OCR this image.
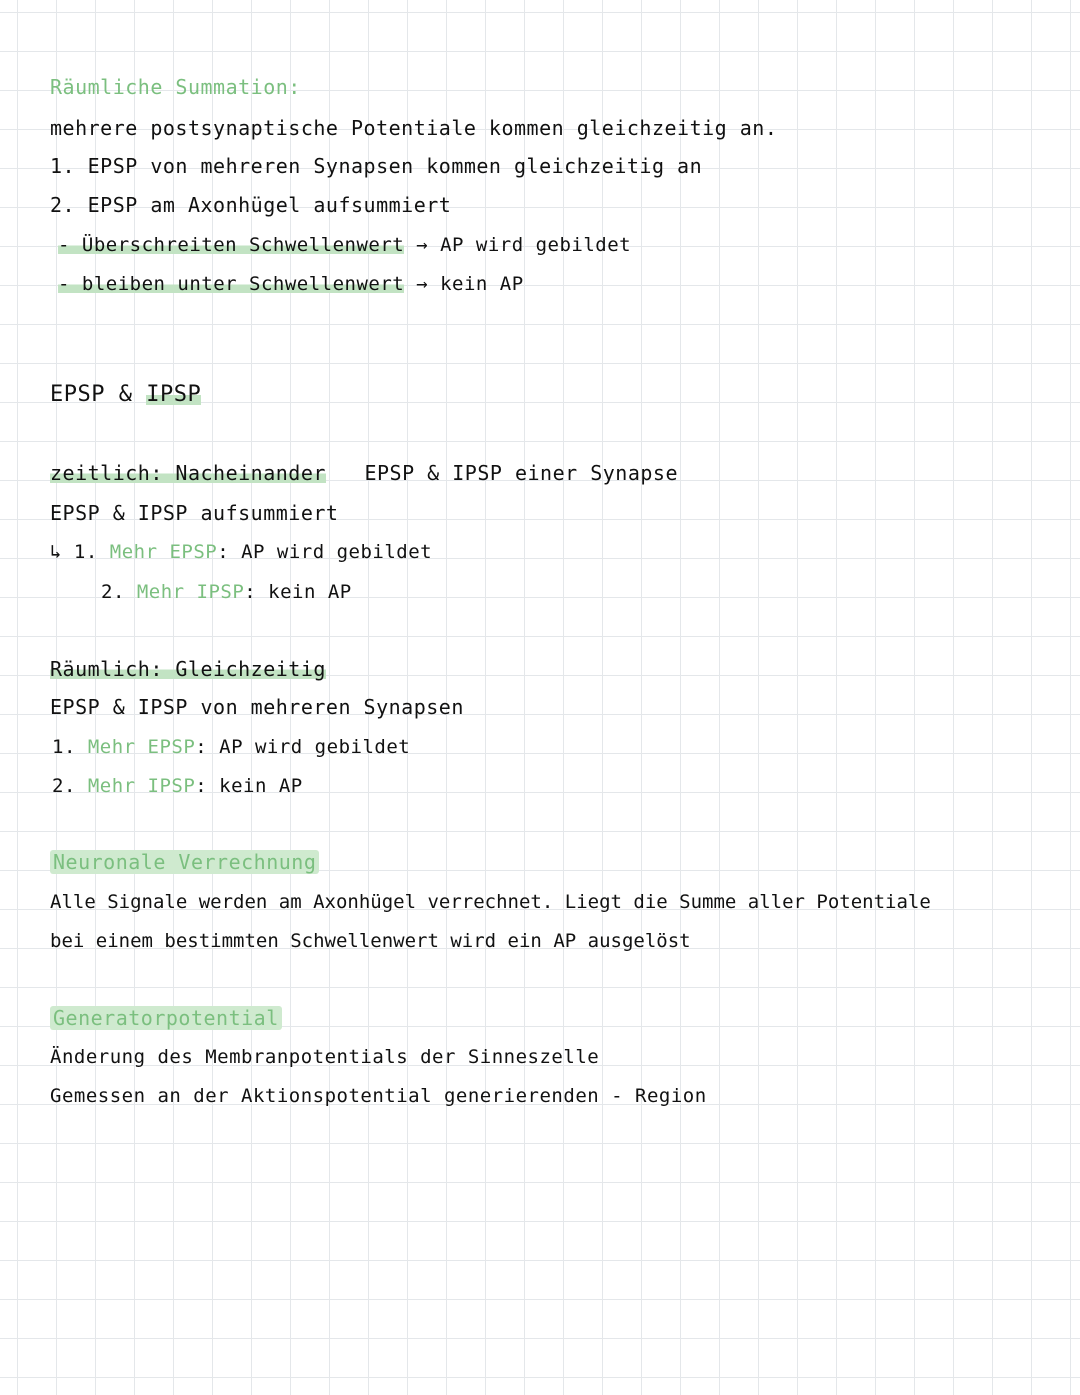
Räumliche Summation:
mehrere postsynaptische Potentiale kommen gleichzeitig an.
1. EPSP von mehreren Synapsen kommen gleichzeitig an
2. EPSP am Axonhügel aufsummiert
- Überschreiten Schwellenwert → AP wird gebildet
- bleiben unter Schwellenwert → kein AP
EPSP & IPSP
zeitlich: Nacheinander EPSP & IPSP einer Synapse
EPSP & IPSP aufsummiert
↳ 1. Mehr EPSP: AP wird gebildet
2. Mehr IPSP: kein AP
Räumlich: Gleichzeitig
EPSP & IPSP von mehreren Synapsen
1. Mehr EPSP: AP wird gebildet
2. Mehr IPSP: kein AP
Neuronale Verrechnung
Alle Signale werden am Axonhügel verrechnet. Liegt die Summe aller Potentiale
bei einem bestimmten Schwellenwert wird ein AP ausgelöst
Generatorpotential
Änderung des Membranpotentials der Sinneszelle
Gemessen an der Aktionspotential generierenden - Region
